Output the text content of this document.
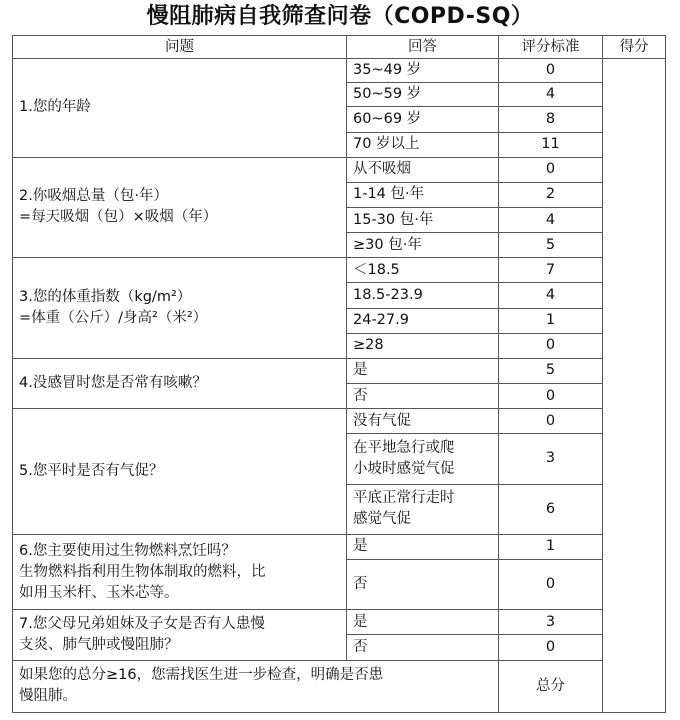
慢阻肺病自我筛查问卷（COPD-SQ）
问题	回答	评分标准	得分	

1.您的年龄	35~49 岁	0		
	50~59 岁	4		
	60~69 岁	8		
	70 岁以上	11		

2.你吸烟总量（包·年）
=每天吸烟（包）×吸烟（年）	从不吸烟	0		
	1-14 包·年	2		
	15-30 包·年	4		
	≥30 包·年	5		

3.您的体重指数（kg/m²）
=体重（公斤）/身高²（米²）	＜18.5	7		
	18.5-23.9	4		
	24-27.9	1		
	≥28	0		

4.没感冒时您是否常有咳嗽？	是	5		
	否	0		

5.您平时是否有气促？	没有气促	0		

	在平地急行或爬
小坡时感觉气促	3		

	平底正常行走时
感觉气促	6		

6.您主要使用过生物燃料烹饪吗？
生物燃料指利用生物体制取的燃料，比
如用玉米杆、玉米芯等。	是	1		
	否	0		

7.您父母兄弟姐妹及子女是否有人患慢
支炎、肺气肿或慢阻肺？	是	3		
	否	0		

如果您的总分≥16，您需找医生进一步检查，明确是否患
慢阻肺。		总分		
